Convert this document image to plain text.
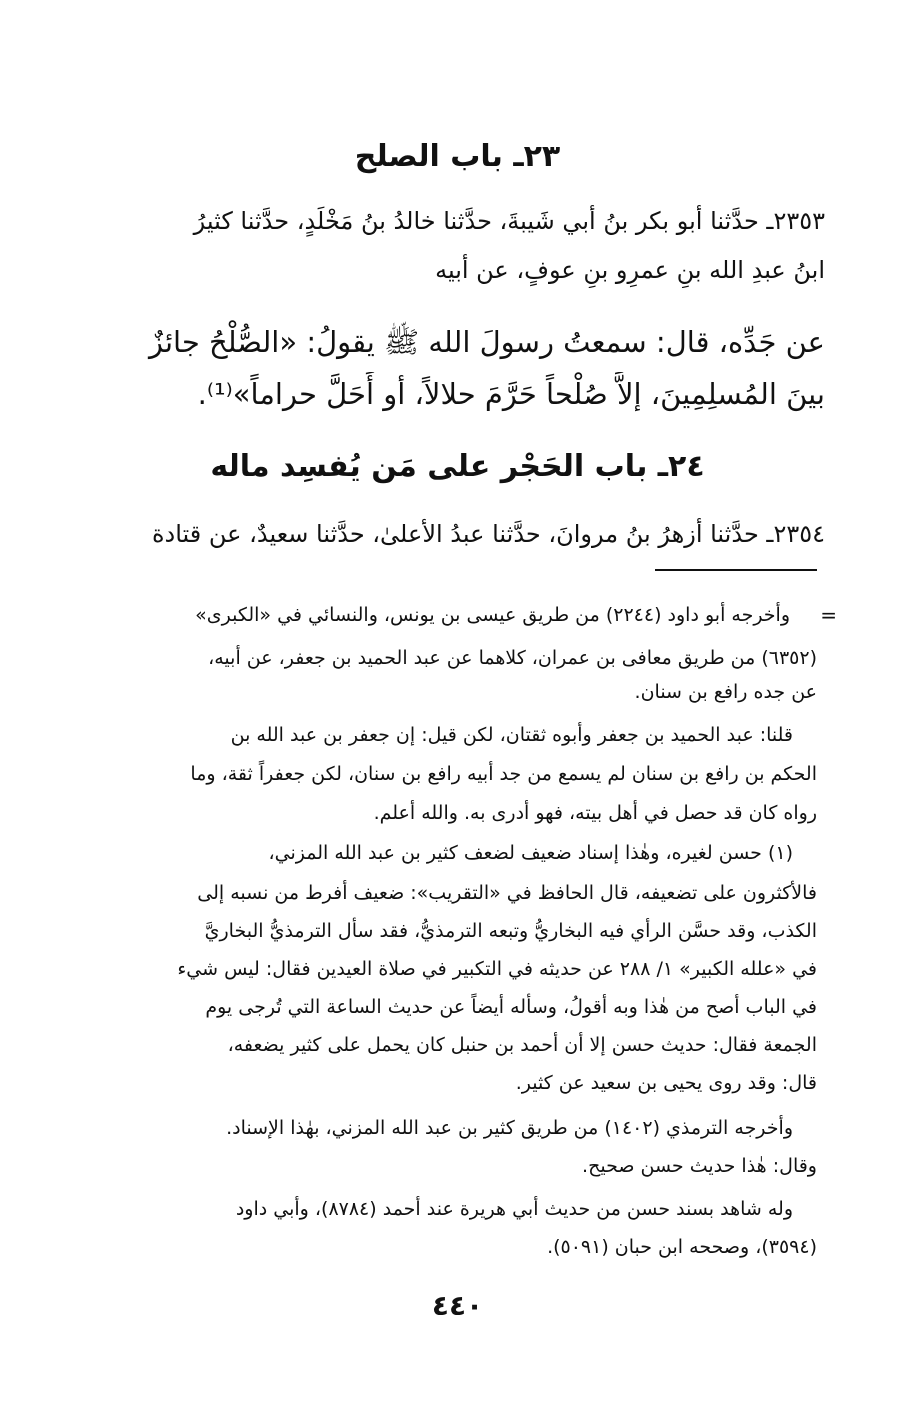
٢٣ـ باب الصلح
٢٣٥٣ـ حدَّثنا أبو بكر بنُ أبي شَيبةَ، حدَّثنا خالدُ بنُ مَخْلَدٍ، حدَّثنا كثيرُ
ابنُ عبدِ الله بنِ عمرِو بنِ عوفٍ، عن أبيه
عن جَدِّه، قال: سمعتُ رسولَ الله ﷺ يقولُ: «الصُّلْحُ جائزٌ
بينَ المُسلِمِينَ، إلاَّ صُلْحاً حَرَّمَ حلالاً، أو أَحَلَّ حراماً»⁽¹⁾.
٢٤ـ باب الحَجْر على مَن يُفسِد ماله
٢٣٥٤ـ حدَّثنا أزهرُ بنُ مروانَ، حدَّثنا عبدُ الأعلىٰ، حدَّثنا سعيدٌ، عن قتادة
=
وأخرجه أبو داود (٢٢٤٤) من طريق عيسى بن يونس، والنسائي في «الكبرى»
(٦٣٥٢) من طريق معافى بن عمران، كلاهما عن عبد الحميد بن جعفر، عن أبيه،
عن جده رافع بن سنان.
قلنا: عبد الحميد بن جعفر وأبوه ثقتان، لكن قيل: إن جعفر بن عبد الله بن
الحكم بن رافع بن سنان لم يسمع من جد أبيه رافع بن سنان، لكن جعفراً ثقة، وما
رواه كان قد حصل في أهل بيته، فهو أدرى به. والله أعلم.
(١) حسن لغيره، وهٰذا إسناد ضعيف لضعف كثير بن عبد الله المزني،
فالأكثرون على تضعيفه، قال الحافظ في «التقريب»: ضعيف أفرط من نسبه إلى
الكذب، وقد حسَّن الرأي فيه البخاريُّ وتبعه الترمذيُّ، فقد سأل الترمذيُّ البخاريَّ
في «علله الكبير» ١/ ٢٨٨ عن حديثه في التكبير في صلاة العيدين فقال: ليس شيء
في الباب أصح من هٰذا وبه أقولُ، وسأله أيضاً عن حديث الساعة التي تُرجى يوم
الجمعة فقال: حديث حسن إلا أن أحمد بن حنبل كان يحمل على كثير يضعفه،
قال: وقد روى يحيى بن سعيد عن كثير.
وأخرجه الترمذي (١٤٠٢) من طريق كثير بن عبد الله المزني، بهٰذا الإسناد.
وقال: هٰذا حديث حسن صحيح.
وله شاهد بسند حسن من حديث أبي هريرة عند أحمد (٨٧٨٤)، وأبي داود
(٣٥٩٤)، وصححه ابن حبان (٥٠٩١).
٤٤٠
